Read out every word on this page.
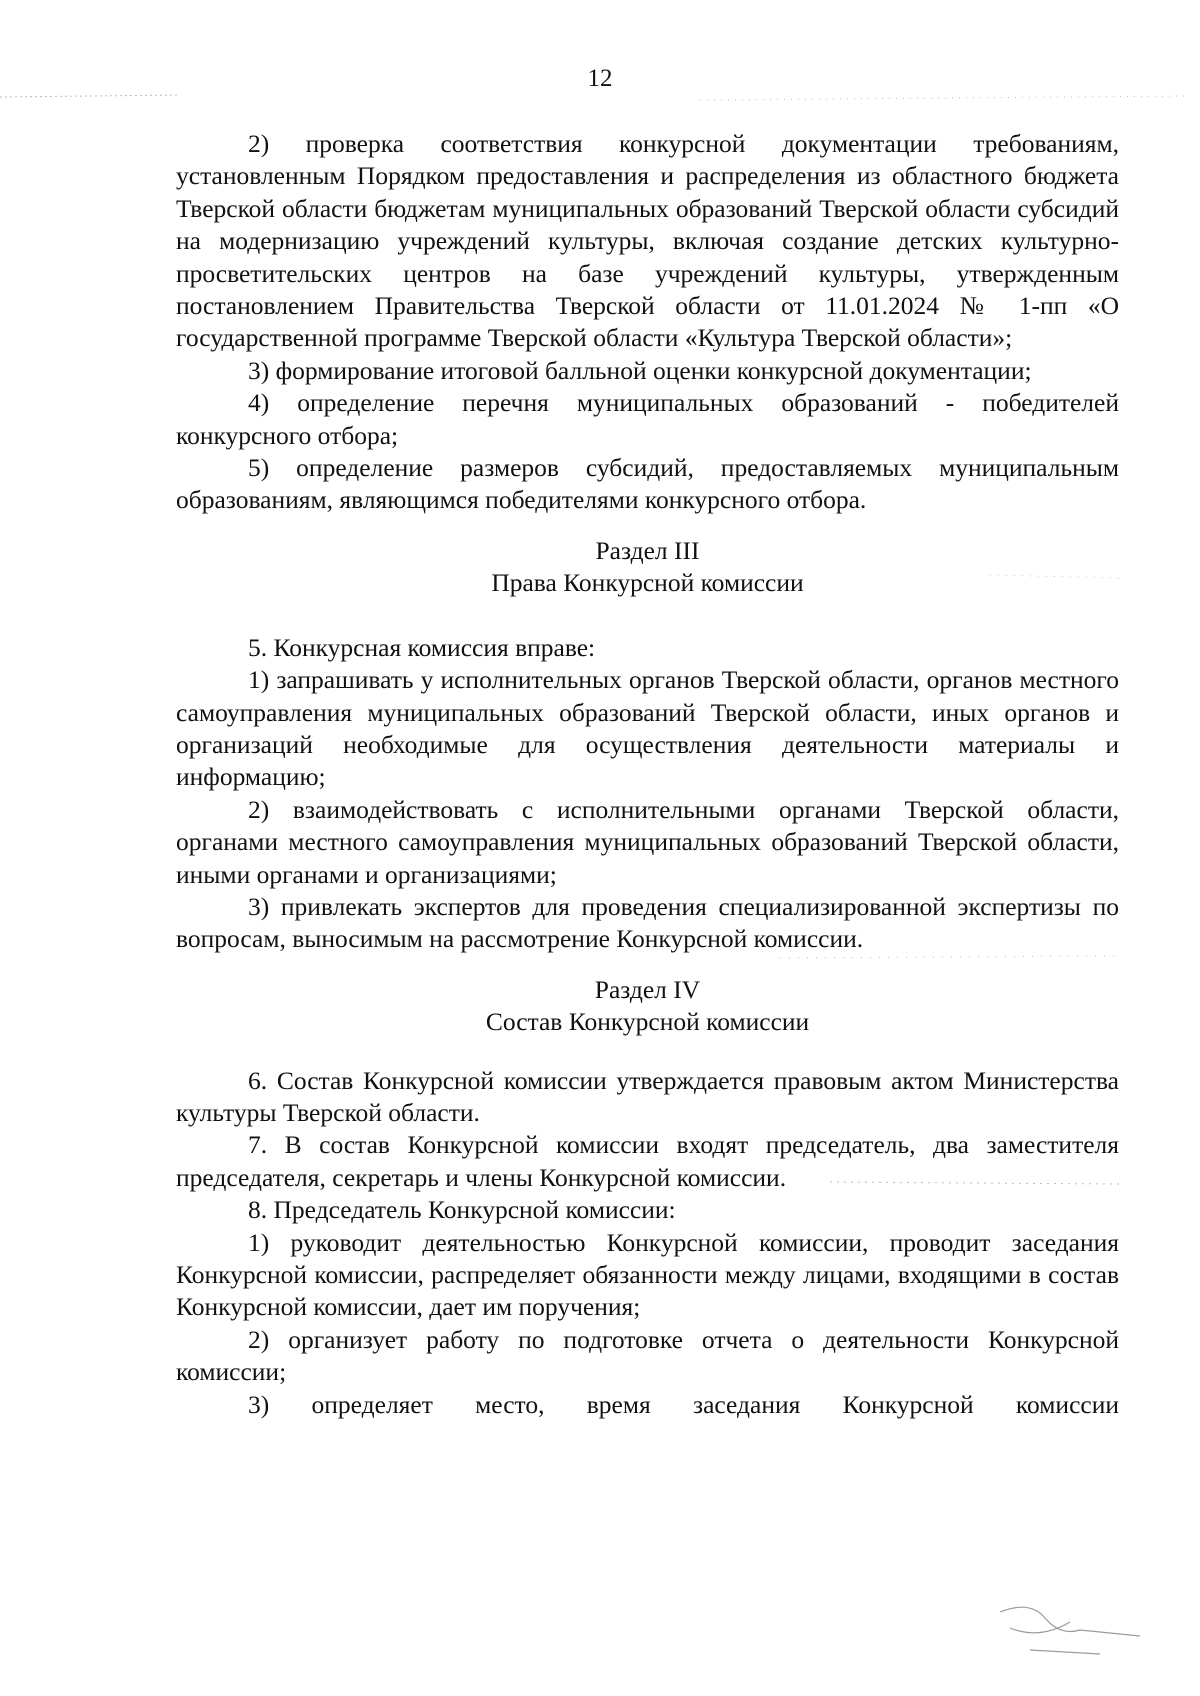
12

2) проверка соответствия конкурсной документации требованиям, установленным Порядком предоставления и распределения из областного бюджета Тверской области бюджетам муниципальных образований Тверской области субсидий на модернизацию учреждений культуры, включая создание детских культурно-просветительских центров на базе учреждений культуры, утвержденным постановлением Правительства Тверской области от 11.01.2024 № 1-пп «О государственной программе Тверской области «Культура Тверской области»;

3) формирование итоговой балльной оценки конкурсной документации;

4) определение перечня муниципальных образований - победителей конкурсного отбора;

5) определение размеров субсидий, предоставляемых муниципальным образованиям, являющимся победителями конкурсного отбора.

Раздел III

Права Конкурсной комиссии

5. Конкурсная комиссия вправе:

1) запрашивать у исполнительных органов Тверской области, органов местного самоуправления муниципальных образований Тверской области, иных органов и организаций необходимые для осуществления деятельности материалы и информацию;

2) взаимодействовать с исполнительными органами Тверской области, органами местного самоуправления муниципальных образований Тверской области, иными органами и организациями;

3) привлекать экспертов для проведения специализированной экспертизы по вопросам, выносимым на рассмотрение Конкурсной комиссии.

Раздел IV

Состав Конкурсной комиссии

6. Состав Конкурсной комиссии утверждается правовым актом Министерства культуры Тверской области.

7. В состав Конкурсной комиссии входят председатель, два заместителя председателя, секретарь и члены Конкурсной комиссии.

8. Председатель Конкурсной комиссии:

1) руководит деятельностью Конкурсной комиссии, проводит заседания Конкурсной комиссии, распределяет обязанности между лицами, входящими в состав Конкурсной комиссии, дает им поручения;

2) организует работу по подготовке отчета о деятельности Конкурсной комиссии;

3) определяет место, время заседания Конкурсной комиссии
